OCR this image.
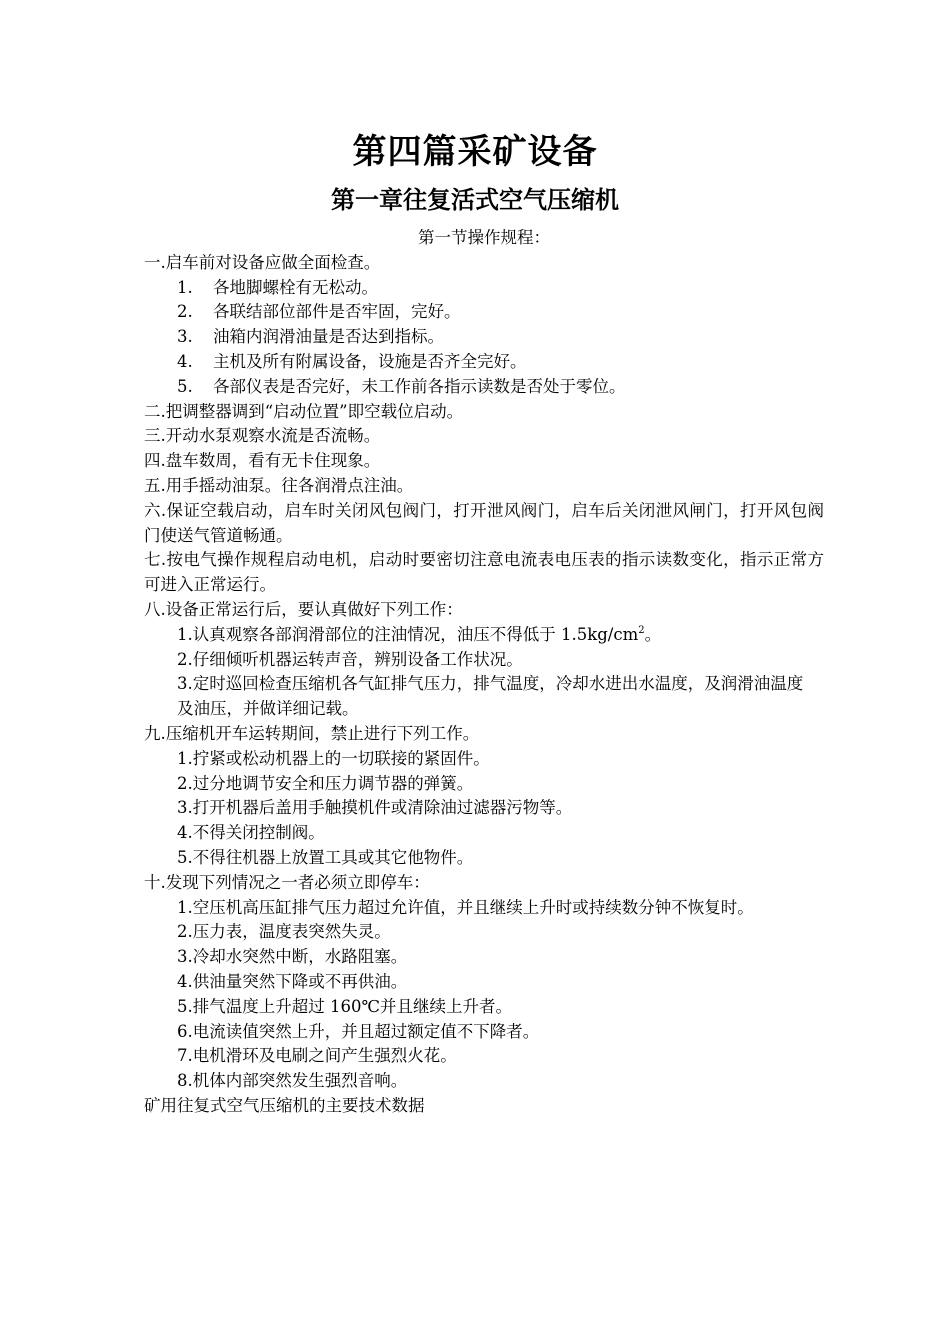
第四篇采矿设备
第一章往复活式空气压缩机
第一节操作规程：
一.启车前对设备应做全面检查。
1. 各地脚螺栓有无松动。
2. 各联结部位部件是否牢固，完好。
3. 油箱内润滑油量是否达到指标。
4. 主机及所有附属设备，设施是否齐全完好。
5. 各部仪表是否完好，未工作前各指示读数是否处于零位。
二.把调整器调到“启动位置”即空载位启动。
三.开动水泵观察水流是否流畅。
四.盘车数周，看有无卡住现象。
五.用手摇动油泵。往各润滑点注油。
六.保证空载启动，启车时关闭风包阀门，打开泄风阀门，启车后关闭泄风闸门，打开风包阀门使送气管道畅通。
七.按电气操作规程启动电机，启动时要密切注意电流表电压表的指示读数变化，指示正常方可进入正常运行。
八.设备正常运行后，要认真做好下列工作：
1.认真观察各部润滑部位的注油情况，油压不得低于 $1.5kg/cm^2$。
2.仔细倾听机器运转声音，辨别设备工作状况。
3.定时巡回检查压缩机各气缸排气压力，排气温度，冷却水进出水温度，及润滑油温度及油压，并做详细记载。
九.压缩机开车运转期间，禁止进行下列工作。
1.拧紧或松动机器上的一切联接的紧固件。
2.过分地调节安全和压力调节器的弹簧。
3.打开机器后盖用手触摸机件或清除油过滤器污物等。
4.不得关闭控制阀。
5.不得往机器上放置工具或其它他物件。
十.发现下列情况之一者必须立即停车：
1.空压机高压缸排气压力超过允许值，并且继续上升时或持续数分钟不恢复时。
2.压力表，温度表突然失灵。
3.冷却水突然中断，水路阻塞。
4.供油量突然下降或不再供油。
5.排气温度上升超过 160℃并且继续上升者。
6.电流读值突然上升，并且超过额定值不下降者。
7.电机滑环及电刷之间产生强烈火花。
8.机体内部突然发生强烈音响。
矿用往复式空气压缩机的主要技术数据
